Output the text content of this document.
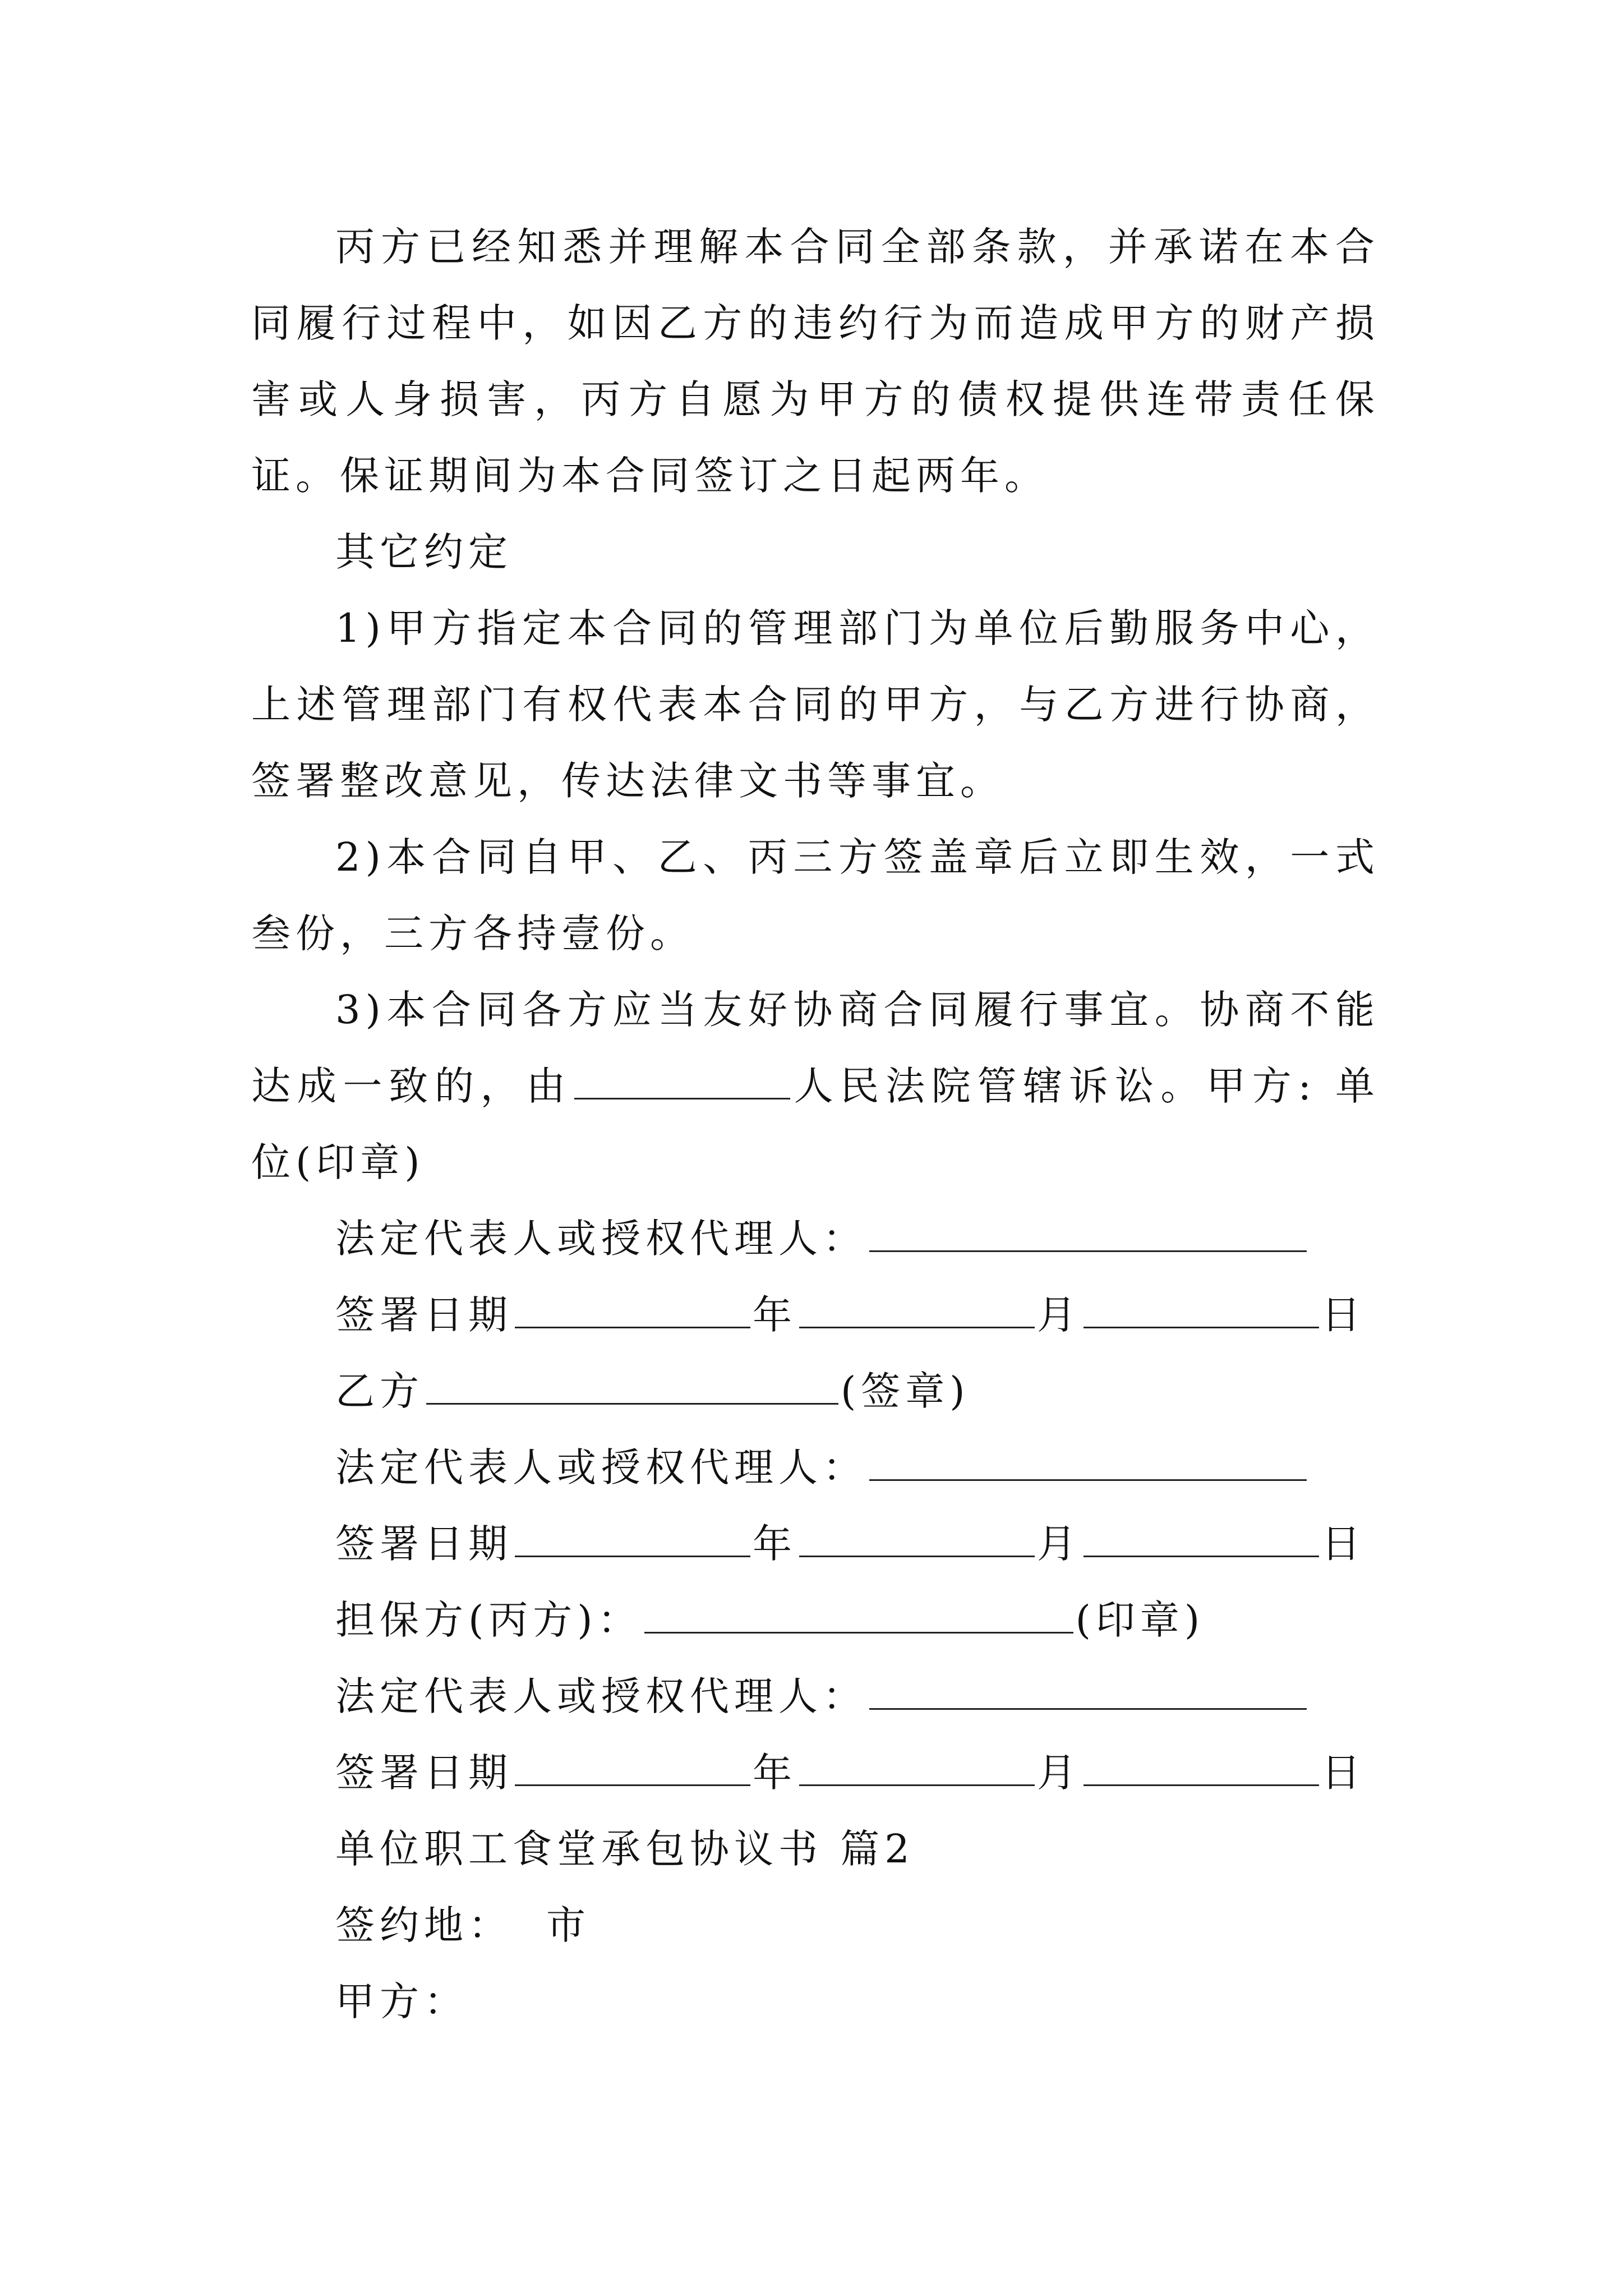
丙方已经知悉并理解本合同全部条款，并承诺在本合同履行过程中，如因乙方的违约行为而造成甲方的财产损害或人身损害，丙方自愿为甲方的债权提供连带责任保证。保证期间为本合同签订之日起两年。

其它约定

1)甲方指定本合同的管理部门为单位后勤服务中心，上述管理部门有权代表本合同的甲方，与乙方进行协商，签署整改意见，传达法律文书等事宜。

2)本合同自甲、乙、丙三方签盖章后立即生效，一式叁份，三方各持壹份。

3)本合同各方应当友好协商合同履行事宜。协商不能达成一致的，由	人民法院管辖诉讼。甲方: 单位(印章)

法定代表人或授权代理人：

签署日期	年	月	日

乙方	(签章)

法定代表人或授权代理人：

签署日期	年	月	日

担保方(丙方)：	(印章)

法定代表人或授权代理人：

签署日期	年	月	日

单位职工食堂承包协议书 篇2

签约地： 市

甲方：
